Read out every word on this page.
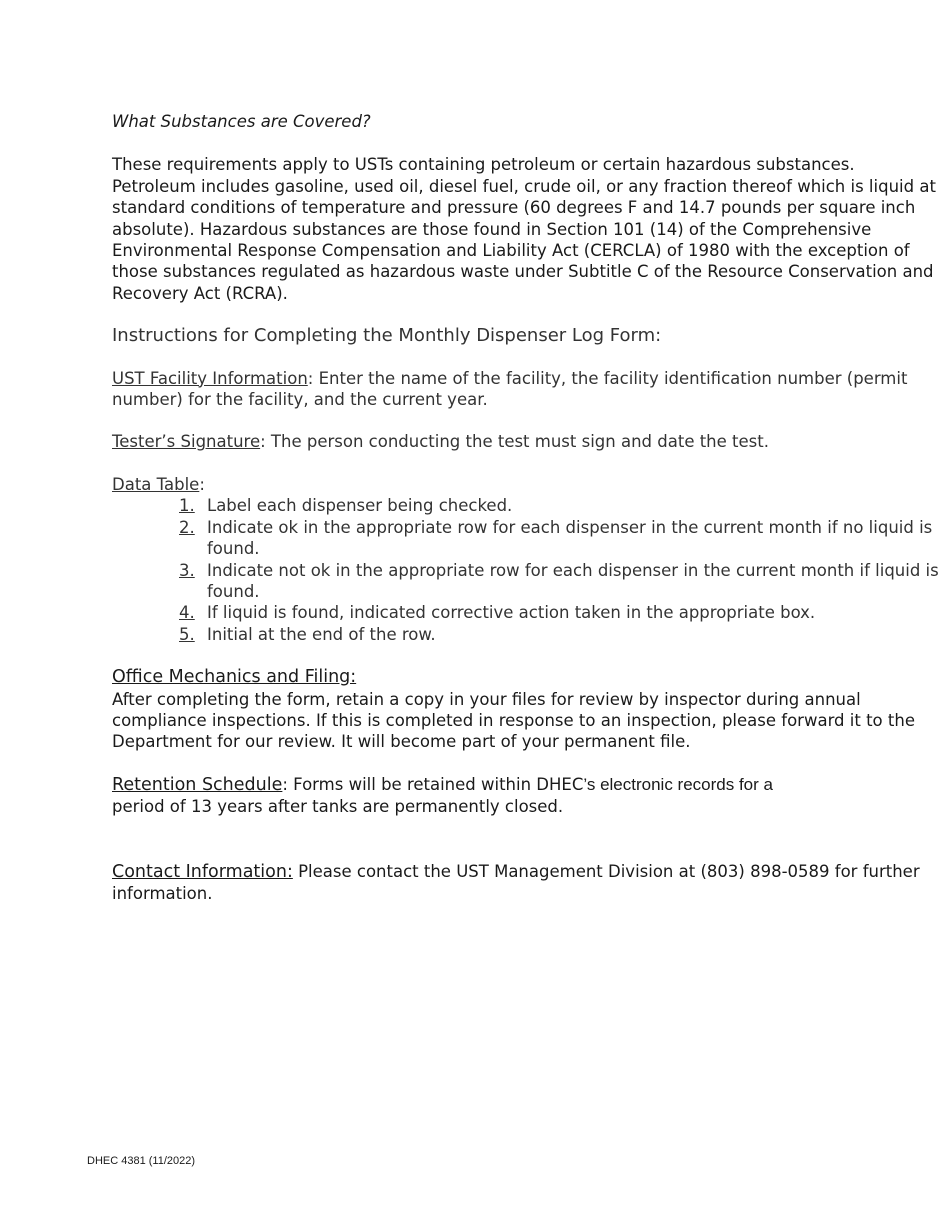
What Substances are Covered?

These requirements apply to USTs containing petroleum or certain hazardous substances. Petroleum includes gasoline, used oil, diesel fuel, crude oil, or any fraction thereof which is liquid at standard conditions of temperature and pressure (60 degrees F and 14.7 pounds per square inch absolute). Hazardous substances are those found in Section 101 (14) of the Comprehensive Environmental Response Compensation and Liability Act (CERCLA) of 1980 with the exception of those substances regulated as hazardous waste under Subtitle C of the Resource Conservation and Recovery Act (RCRA).

Instructions for Completing the Monthly Dispenser Log Form:

UST Facility Information: Enter the name of the facility, the facility identification number (permit number) for the facility, and the current year.

Tester’s Signature: The person conducting the test must sign and date the test.

Data Table:

1. Label each dispenser being checked.
2. Indicate ok in the appropriate row for each dispenser in the current month if no liquid is found.
3. Indicate not ok in the appropriate row for each dispenser in the current month if liquid is found.
4. If liquid is found, indicated corrective action taken in the appropriate box.
5. Initial at the end of the row.
Office Mechanics and Filing:

After completing the form, retain a copy in your files for review by inspector during annual compliance inspections. If this is completed in response to an inspection, please forward it to the Department for our review. It will become part of your permanent file.

Retention Schedule: Forms will be retained within DHEC’s electronic records for a
period of 13 years after tanks are permanently closed.

Contact Information: Please contact the UST Management Division at (803) 898-0589 for further information.

DHEC 4381 (11/2022)
